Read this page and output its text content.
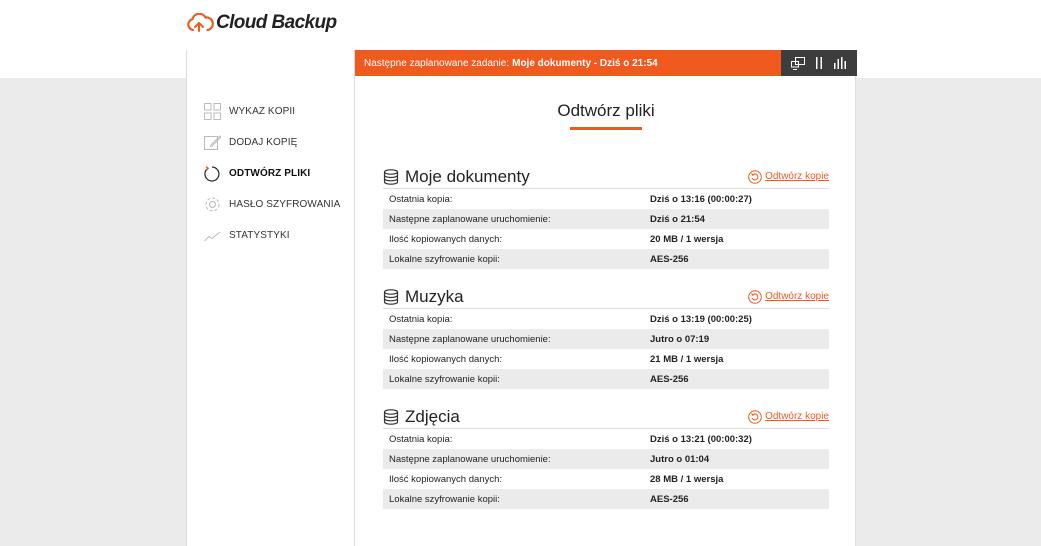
Cloud Backup
WYKAZ KOPII
DODAJ KOPIĘ
ODTWÓRZ PLIKI
HASŁO SZYFROWANIA
STATYSTYKI
Następne zaplanowane zadanie: Moje dokumenty - Dziś o 21:54
Odtwórz pliki
Moje dokumenty	Odtwórz kopie
Ostatnia kopia:	Dziś o 13:16 (00:00:27)
Następne zaplanowane uruchomienie:	Dziś o 21:54
Ilość kopiowanych danych:	20 MB / 1 wersja
Lokalne szyfrowanie kopii:	AES-256
Muzyka	Odtwórz kopie
Ostatnia kopia:	Dziś o 13:19 (00:00:25)
Następne zaplanowane uruchomienie:	Jutro o 07:19
Ilość kopiowanych danych:	21 MB / 1 wersja
Lokalne szyfrowanie kopii:	AES-256
Zdjęcia	Odtwórz kopie
Ostatnia kopia:	Dziś o 13:21 (00:00:32)
Następne zaplanowane uruchomienie:	Jutro o 01:04
Ilość kopiowanych danych:	28 MB / 1 wersja
Lokalne szyfrowanie kopii:	AES-256
